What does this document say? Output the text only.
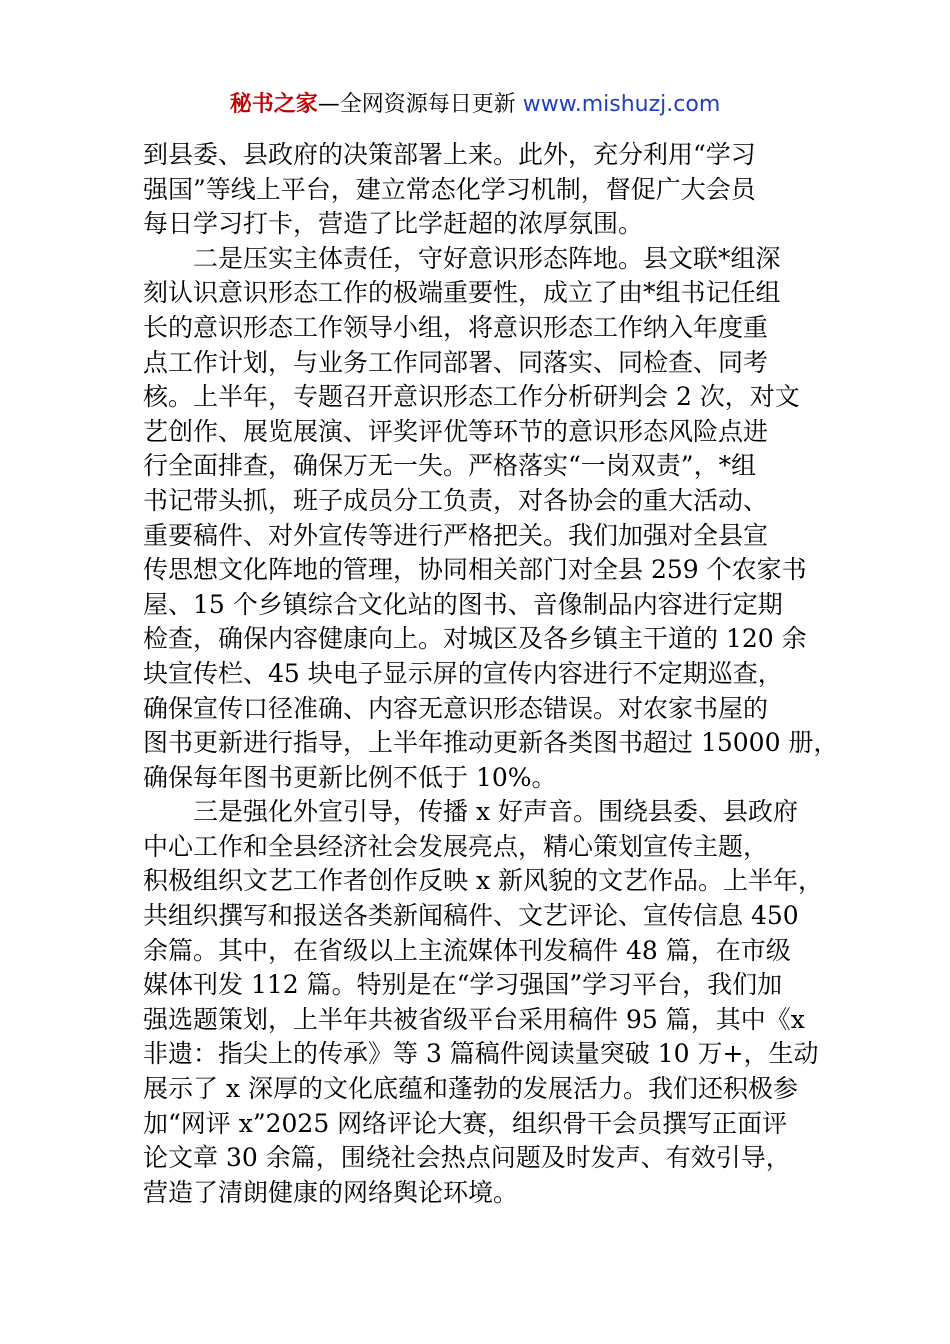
秘书之家—全网资源每日更新 www.mishuzj.com
到县委、县政府的决策部署上来。此外，充分利用“学习
强国”等线上平台，建立常态化学习机制，督促广大会员
每日学习打卡，营造了比学赶超的浓厚氛围。
二是压实主体责任，守好意识形态阵地。县文联*组深
刻认识意识形态工作的极端重要性，成立了由*组书记任组
长的意识形态工作领导小组，将意识形态工作纳入年度重
点工作计划，与业务工作同部署、同落实、同检查、同考
核。上半年，专题召开意识形态工作分析研判会 2 次，对文
艺创作、展览展演、评奖评优等环节的意识形态风险点进
行全面排查，确保万无一失。严格落实“一岗双责”，*组
书记带头抓，班子成员分工负责，对各协会的重大活动、
重要稿件、对外宣传等进行严格把关。我们加强对全县宣
传思想文化阵地的管理，协同相关部门对全县 259 个农家书
屋、15 个乡镇综合文化站的图书、音像制品内容进行定期
检查，确保内容健康向上。对城区及各乡镇主干道的 120 余
块宣传栏、45 块电子显示屏的宣传内容进行不定期巡查，
确保宣传口径准确、内容无意识形态错误。对农家书屋的
图书更新进行指导，上半年推动更新各类图书超过 15000 册，
确保每年图书更新比例不低于 10%。
三是强化外宣引导，传播 x 好声音。围绕县委、县政府
中心工作和全县经济社会发展亮点，精心策划宣传主题，
积极组织文艺工作者创作反映 x 新风貌的文艺作品。上半年，
共组织撰写和报送各类新闻稿件、文艺评论、宣传信息 450
余篇。其中，在省级以上主流媒体刊发稿件 48 篇，在市级
媒体刊发 112 篇。特别是在“学习强国”学习平台，我们加
强选题策划，上半年共被省级平台采用稿件 95 篇，其中《x
非遗：指尖上的传承》等 3 篇稿件阅读量突破 10 万+，生动
展示了 x 深厚的文化底蕴和蓬勃的发展活力。我们还积极参
加“网评 x”2025 网络评论大赛，组织骨干会员撰写正面评
论文章 30 余篇，围绕社会热点问题及时发声、有效引导，
营造了清朗健康的网络舆论环境。
